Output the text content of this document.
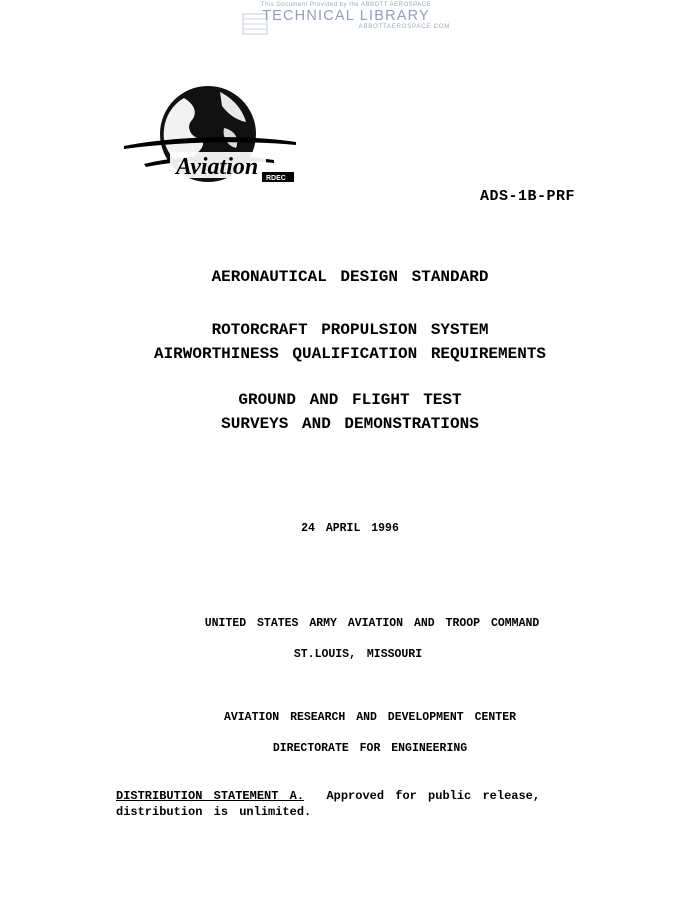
This Document Provided by the ABBOTT AEROSPACE
TECHNICAL LIBRARY
ABBOTTAEROSPACE.COM
Aviation RDEC
ADS-1B-PRF
AERONAUTICAL DESIGN STANDARD
ROTORCRAFT PROPULSION SYSTEM
AIRWORTHINESS QUALIFICATION REQUIREMENTS
GROUND AND FLIGHT TEST
SURVEYS AND DEMONSTRATIONS
24 APRIL 1996
UNITED STATES ARMY AVIATION AND TROOP COMMAND
ST.LOUIS, MISSOURI
AVIATION RESEARCH AND DEVELOPMENT CENTER
DIRECTORATE FOR ENGINEERING
DISTRIBUTION STATEMENT A. Approved for public release,
distribution is unlimited.
